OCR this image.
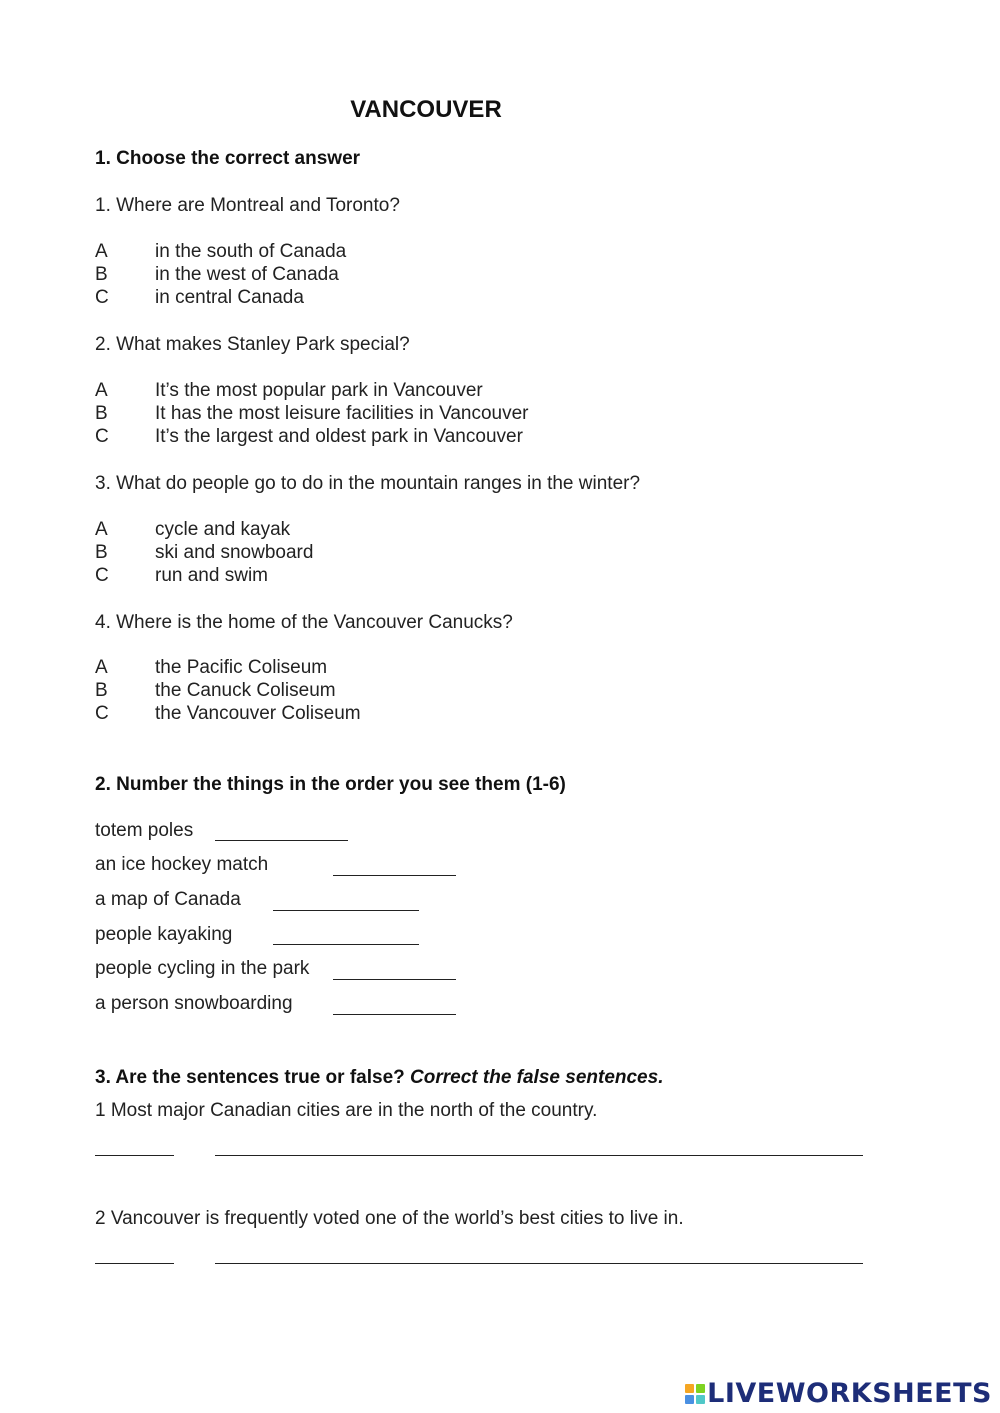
VANCOUVER
1. Choose the correct answer
1. Where are Montreal and Toronto?
A in the south of Canada
B in the west of Canada
C in central Canada
2. What makes Stanley Park special?
A It’s the most popular park in Vancouver
B It has the most leisure facilities in Vancouver
C It’s the largest and oldest park in Vancouver
3. What do people go to do in the mountain ranges in the winter?
A cycle and kayak
B ski and snowboard
C run and swim
4. Where is the home of the Vancouver Canucks?
A the Pacific Coliseum
B the Canuck Coliseum
C the Vancouver Coliseum
2. Number the things in the order you see them (1-6)
totem poles
an ice hockey match
a map of Canada
people kayaking
people cycling in the park
a person snowboarding
3. Are the sentences true or false? Correct the false sentences.
1 Most major Canadian cities are in the north of the country.
2 Vancouver is frequently voted one of the world’s best cities to live in.
LIVEWORKSHEETS
